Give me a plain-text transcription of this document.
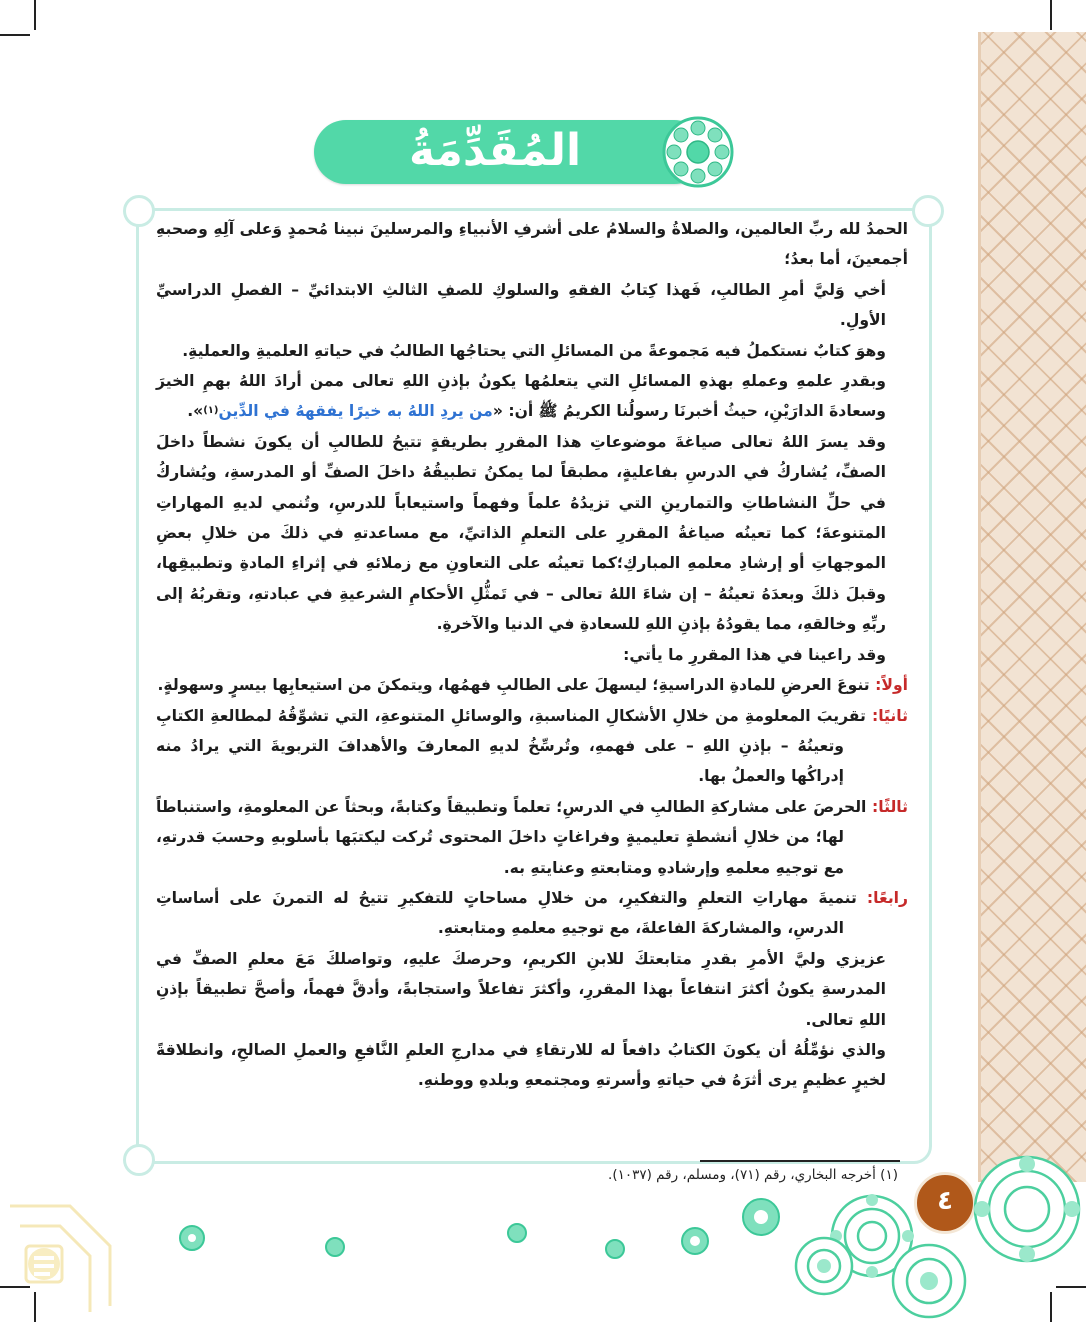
المُقَدِّمَةُ

الحمدُ لله ربِّ العالمين، والصلاةُ والسلامُ على أشرفِ الأنبياءِ والمرسلينَ نبينا مُحمدٍ وَعلى آلِهِ وصحبهِ أجمعينَ، أما بعدُ؛

أخي وَليَّ أمرِ الطالبِ، فَهذا كِتابُ الفقهِ والسلوكِ للصفِ الثالثِ الابتدائيِّ – الفصلِ الدراسيِّ الأولِ.

وهوَ كتابٌ نستكملُ فيه مَجموعةً من المسائلِ التي يحتاجُها الطالبُ في حياتهِ العلميةِ والعمليةِ.

وبقدرِ علمهِ وعملهِ بهذهِ المسائلِ التي يتعلمُها يكونُ بإذنِ اللهِ تعالى ممن أرادَ اللهُ بهمِ الخيرَ وسعادةَ الدارَيْنِ، حيثُ أخبرنَا رسولُنا الكريمُ ﷺ أن: «من يردِ اللهُ به خيرًا يفقههُ في الدِّين$^{(١)}$».

وقد يسرَ اللهُ تعالى صياغةَ موضوعاتِ هذا المقررِ بطريقةٍ تتيحُ للطالبِ أن يكونَ نشطاً داخلَ الصفِّ، يُشاركُ في الدرسِ بفاعليةٍ، مطبقاً لما يمكنُ تطبيقُهُ داخلَ الصفِّ أو المدرسةِ، ويُشاركُ في حلِّ النشاطاتِ والتمارينِ التي تزيدُهُ علماً وفهماً واستيعاباً للدرسِ، وتُنمي لديهِ المهاراتِ المتنوعةَ؛ كما تعينُه صياغةُ المقررِ على التعلمِ الذاتيِّ، مع مساعدتهِ في ذلكَ من خلالِ بعضِ الموجهاتِ أو إرشادِ معلمهِ المباركِ؛كما تعينُه على التعاونِ مع زملائهِ في إثراءِ المادةِ وتطبيقِها، وقبلَ ذلكَ وبعدَهُ تعينُهُ – إن شاءَ اللهُ تعالى – في تَمثُّلِ الأحكامِ الشرعيةِ في عبادتهِ، وتقربُهُ إلى ربِّهِ وخالقهِ، مما يقودُهُ بإذنِ اللهِ للسعادةِ في الدنيا والآخرةِ.

وقد راعينا في هذا المقررِ ما يأتي:

أولاً: تنوعَ العرضِ للمادةِ الدراسيةِ؛ ليسهلَ على الطالبِ فهمُها، ويتمكنَ من استيعابِها بيسرٍ وسهولةٍ.

ثانيًا: تقريبَ المعلومةِ من خلالِ الأشكالِ المناسبةِ، والوسائلِ المتنوعةِ، التي تشوِّقُهُ لمطالعةِ الكتابِ وتعينُهُ – بإذنِ اللهِ – على فهمهِ، وتُرسِّخُ لديهِ المعارفَ والأهدافَ التربويةَ التي يرادُ منه إدراكُها والعملُ بها.

ثالثًا: الحرصَ على مشاركةِ الطالبِ في الدرسِ؛ تعلماً وتطبيقاً وكتابةً، وبحثاً عن المعلومةِ، واستنباطاً لها؛ من خلالِ أنشطةٍ تعليميةٍ وفراغاتٍ داخلَ المحتوى تُركت ليكتبَها بأسلوبهِ وحسبَ قدرتهِ، مع توجيهِ معلمهِ وإرشادهِ ومتابعتهِ وعنايتهِ به.

رابعًا: تنميةَ مهاراتِ التعلمِ والتفكيرِ، من خلالِ مساحاتٍ للتفكيرِ تتيحُ له التمرنَ على أساساتِ الدرسِ، والمشاركةَ الفاعلةَ، مع توجيهِ معلمهِ ومتابعتهِ.

عزيزي وليَّ الأمرِ بقدرِ متابعتكَ للابنِ الكريمِ، وحرصكَ عليهِ، وتواصلكَ مَعَ معلمِ الصفِّ في المدرسةِ يكونُ أكثرَ انتفاعاً بهذا المقررِ، وأكثرَ تفاعلاً واستجابةً، وأدقَّ فهماً، وأصحَّ تطبيقاً بإذنِ اللهِ تعالى.

والذي نؤمِّلُهُ أن يكونَ الكتابُ دافعاً له للارتقاءِ في مدارجِ العلمِ النَّافعِ والعملِ الصالحِ، وانطلاقةً لخيرٍ عظيمٍ يرى أثرَهُ في حياتهِ وأسرتهِ ومجتمعهِ وبلدهِ ووطنهِ.

(١) أخرجه البخاري، رقم (٧١)، ومسلم، رقم (١٠٣٧).
٤
